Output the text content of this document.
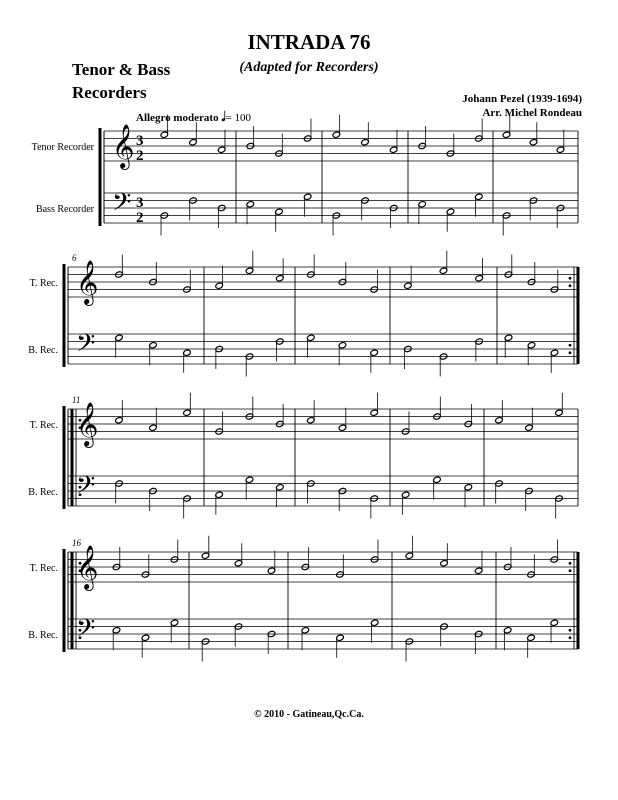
𝄞
𝄢
3
2
3
2
Tenor Recorder
Bass Recorder
𝄞
𝄢
6
T. Rec.
B. Rec.
𝄞
𝄢
11
T. Rec.
B. Rec.
𝄞
𝄢
16
T. Rec.
B. Rec.
INTRADA 76
(Adapted for Recorders)
Tenor & Bass
Recorders	Johann Pezel (1939-1694)
Arr. Michel Rondeau
Allegro moderato 𝅗𝅥= 100
© 2010 - Gatineau,Qc.Ca.
